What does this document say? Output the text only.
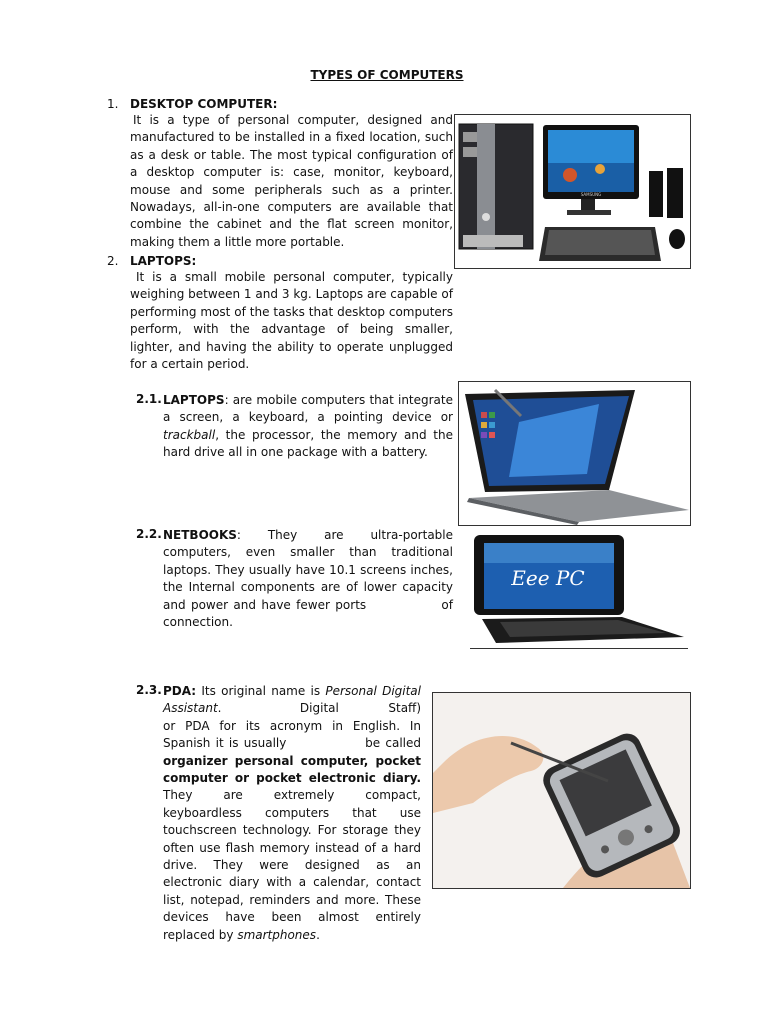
TYPES OF COMPUTERS
1. DESKTOP COMPUTER:

It is a type of personal computer, designed and manufactured to be installed in a fixed location, such as a desk or table. The most typical configuration of a desktop computer is: case, monitor, keyboard, mouse and some peripherals such as a printer. Nowadays, all-in-one computers are available that combine the cabinet and the flat screen monitor, making them a little more portable.

SAMSUNG
2. LAPTOPS:

It is a small mobile personal computer, typically weighing between 1 and 3 kg. Laptops are capable of performing most of the tasks that desktop computers perform, with the advantage of being smaller, lighter, and having the ability to operate unplugged for a certain period.

2.1. LAPTOPS: are mobile computers that integrate a screen, a keyboard, a pointing device or trackball, the processor, the memory and the hard drive all in one package with a battery.

2.2. NETBOOKS: They are ultra-portable computers, even smaller than traditional laptops. They usually have 10.1 screens inches, the Internal components are of lower capacity and power and have fewer ports	of connection.

Eee PC
2.3. PDA: Its original name is Personal Digital Assistant.	Digital	Staff) or PDA for its acronym in English. In Spanish it is usually	be called organizer personal computer, pocket computer or pocket electronic diary. They are extremely compact, keyboardless computers that use touchscreen technology. For storage they often use flash memory instead of a hard drive. They were designed as an electronic diary with a calendar, contact list, notepad, reminders and more. These devices have been almost entirely replaced by smartphones.
